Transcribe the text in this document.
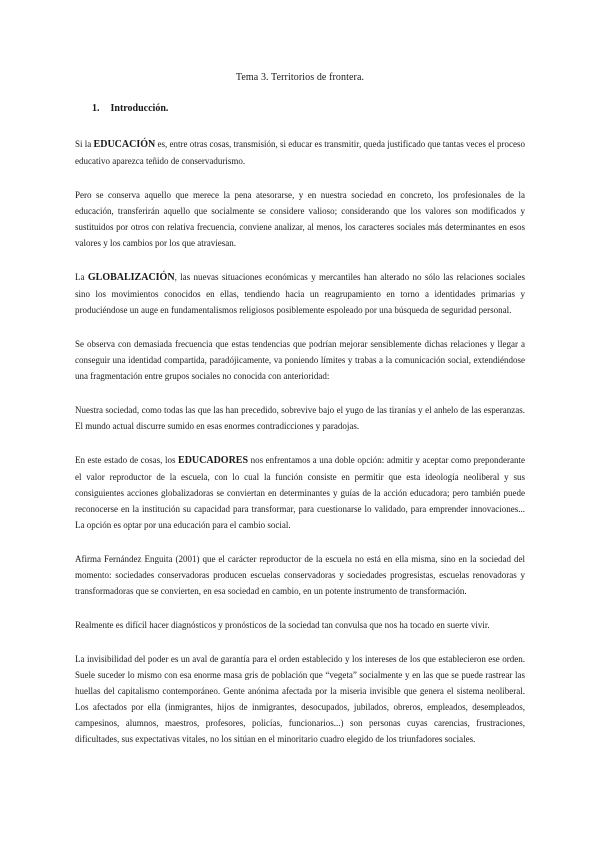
Tema 3. Territorios de frontera.
1. Introducción.

Si la EDUCACIÓN es, entre otras cosas, transmisión, si educar es transmitir, queda justificado que tantas veces el proceso educativo aparezca teñido de conservadurismo.

Pero se conserva aquello que merece la pena atesorarse, y en nuestra sociedad en concreto, los profesionales de la educación, transferirán aquello que socialmente se considere valioso; considerando que los valores son modificados y sustituidos por otros con relativa frecuencia, conviene analizar, al menos, los caracteres sociales más determinantes en esos valores y los cambios por los que atraviesan.

La GLOBALIZACIÓN, las nuevas situaciones económicas y mercantiles han alterado no sólo las relaciones sociales sino los movimientos conocidos en ellas, tendiendo hacia un reagrupamiento en torno a identidades primarias y produciéndose un auge en fundamentalismos religiosos posiblemente espoleado por una búsqueda de seguridad personal.

Se observa con demasiada frecuencia que estas tendencias que podrían mejorar sensiblemente dichas relaciones y llegar a conseguir una identidad compartida, paradójicamente, va poniendo límites y trabas a la comunicación social, extendiéndose una fragmentación entre grupos sociales no conocida con anterioridad:

Nuestra sociedad, como todas las que las han precedido, sobrevive bajo el yugo de las tiranías y el anhelo de las esperanzas. El mundo actual discurre sumido en esas enormes contradicciones y paradojas.

En este estado de cosas, los EDUCADORES nos enfrentamos a una doble opción: admitir y aceptar como preponderante el valor reproductor de la escuela, con lo cual la función consiste en permitir que esta ideología neoliberal y sus consiguientes acciones globalizadoras se conviertan en determinantes y guías de la acción educadora; pero también puede reconocerse en la institución su capacidad para transformar, para cuestionarse lo validado, para emprender innovaciones... La opción es optar por una educación para el cambio social.

Afirma Fernández Enguita (2001) que el carácter reproductor de la escuela no está en ella misma, sino en la sociedad del momento: sociedades conservadoras producen escuelas conservadoras y sociedades progresistas, escuelas renovadoras y transformadoras que se convierten, en esa sociedad en cambio, en un potente instrumento de transformación.

Realmente es difícil hacer diagnósticos y pronósticos de la sociedad tan convulsa que nos ha tocado en suerte vivir.

La invisibilidad del poder es un aval de garantía para el orden establecido y los intereses de los que establecieron ese orden. Suele suceder lo mismo con esa enorme masa gris de población que “vegeta” socialmente y en las que se puede rastrear las huellas del capitalismo contemporáneo. Gente anónima afectada por la miseria invisible que genera el sistema neoliberal. Los afectados por ella (inmigrantes, hijos de inmigrantes, desocupados, jubilados, obreros, empleados, desempleados, campesinos, alumnos, maestros, profesores, policías, funcionarios...) son personas cuyas carencias, frustraciones, dificultades, sus expectativas vitales, no los sitúan en el minoritario cuadro elegido de los triunfadores sociales.
